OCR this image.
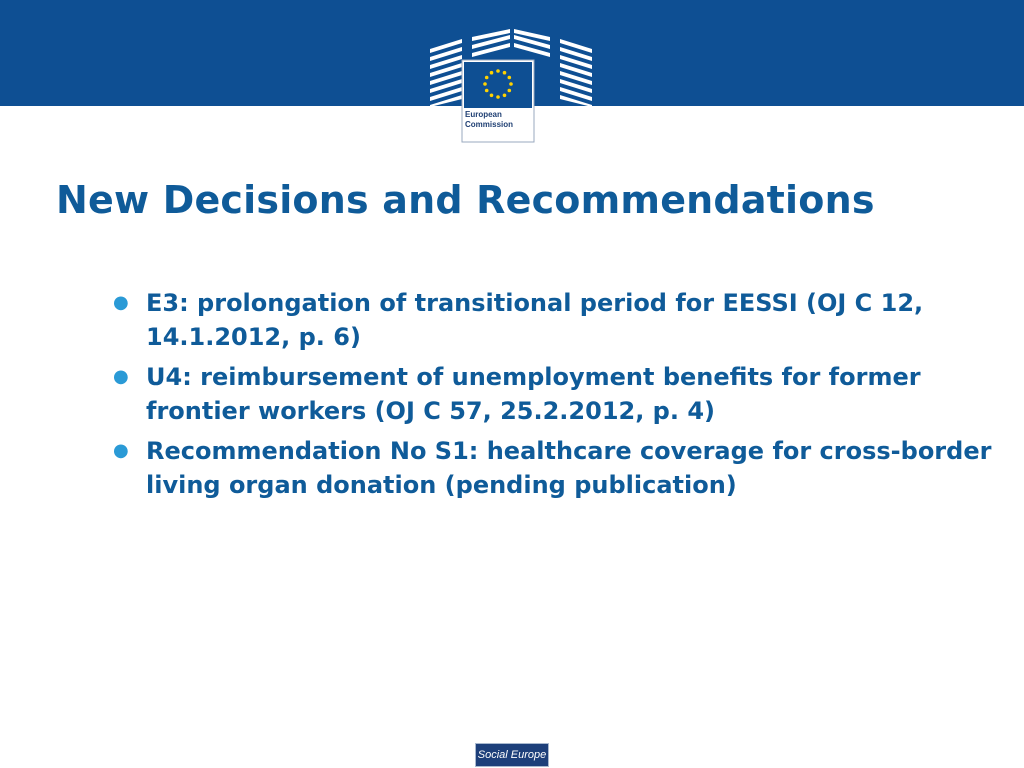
European
Commission
New Decisions and Recommendations
● E3: prolongation of transitional period for EESSI (OJ C 12, 14.1.2012, p. 6)
● U4: reimbursement of unemployment benefits for former frontier workers (OJ C 57, 25.2.2012, p. 4)
● Recommendation No S1: healthcare coverage for cross-border living organ donation (pending publication)
Social Europe
